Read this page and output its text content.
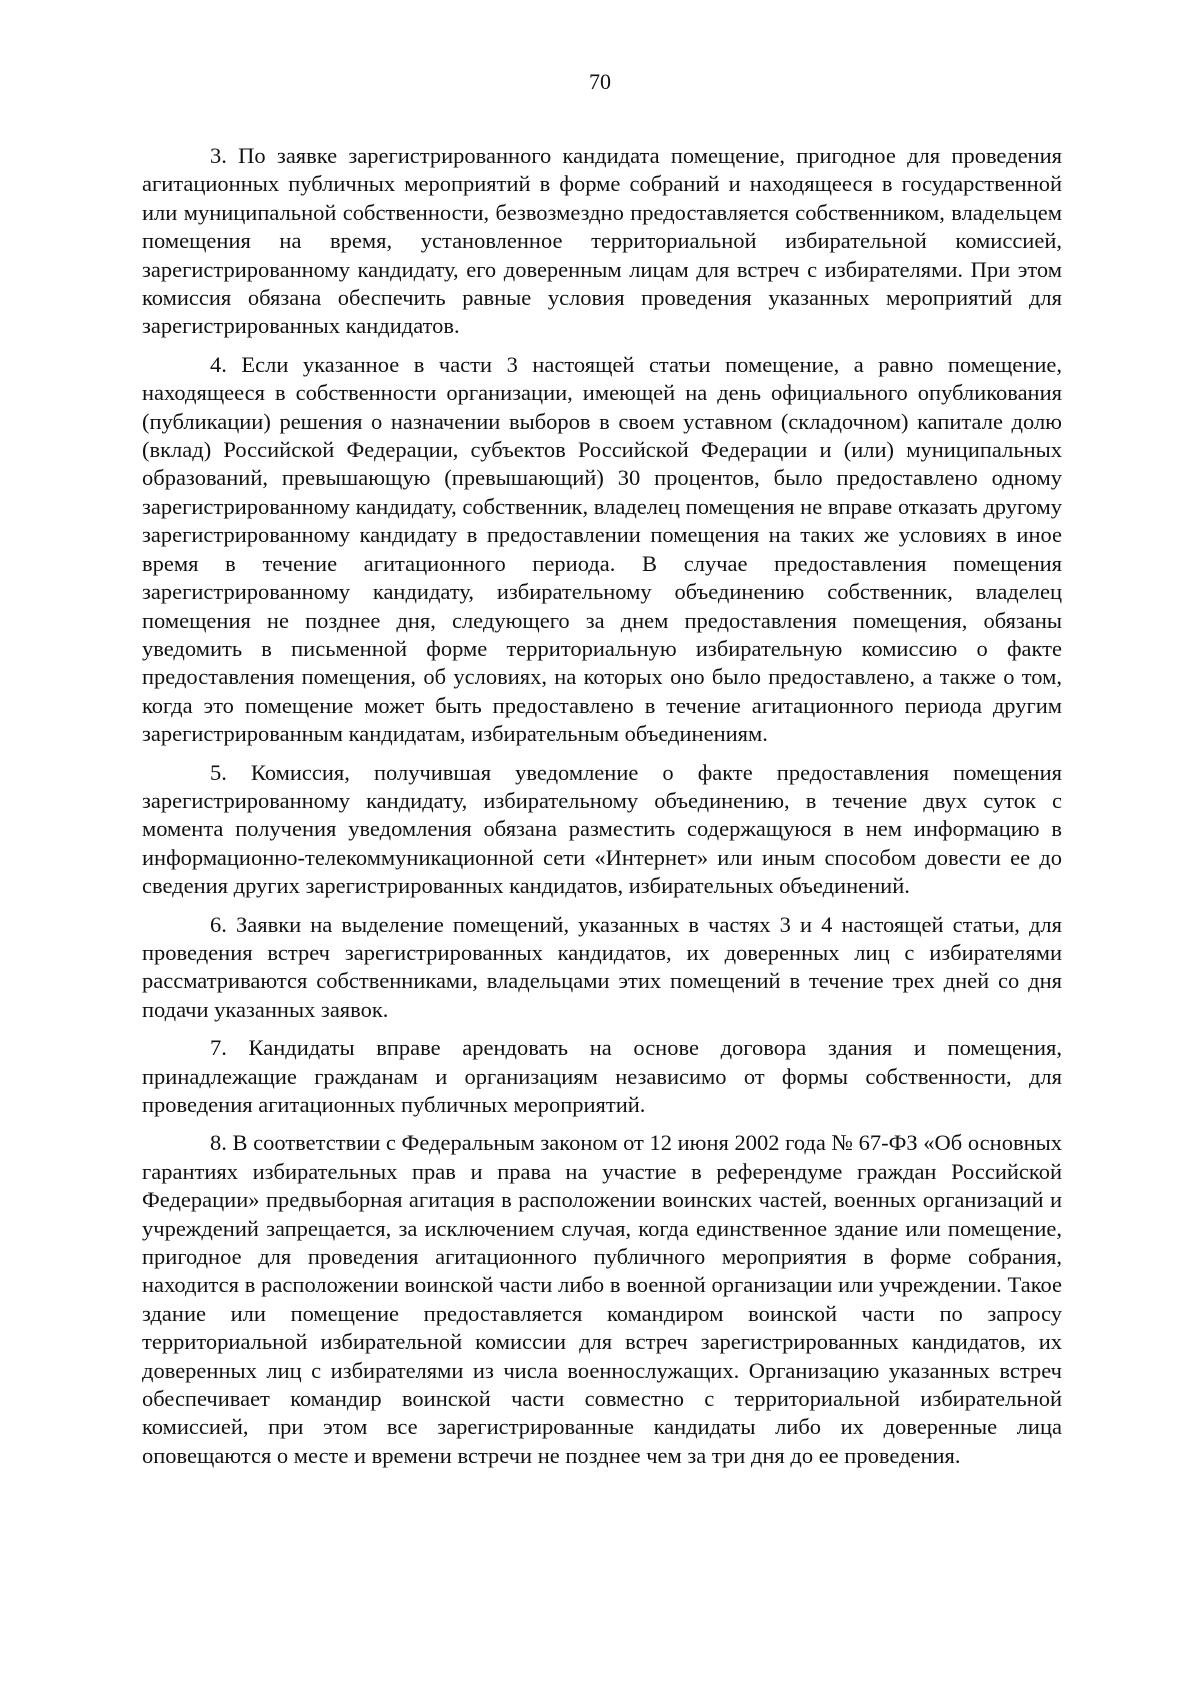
70

3. По заявке зарегистрированного кандидата помещение, пригодное для проведения агитационных публичных мероприятий в форме собраний и находящееся в государственной или муниципальной собственности, безвозмездно предоставляется собственником, владельцем помещения на время, установленное территориальной избирательной комиссией, зарегистрированному кандидату, его доверенным лицам для встреч с избирателями. При этом комиссия обязана обеспечить равные условия проведения указанных мероприятий для зарегистрированных кандидатов.

4. Если указанное в части 3 настоящей статьи помещение, а равно помещение, находящееся в собственности организации, имеющей на день официального опубликования (публикации) решения о назначении выборов в своем уставном (складочном) капитале долю (вклад) Российской Федерации, субъектов Российской Федерации и (или) муниципальных образований, превышающую (превышающий) 30 процентов, было предоставлено одному зарегистрированному кандидату, собственник, владелец помещения не вправе отказать другому зарегистрированному кандидату в предоставлении помещения на таких же условиях в иное время в течение агитационного периода. В случае предоставления помещения зарегистрированному кандидату, избирательному объединению собственник, владелец помещения не позднее дня, следующего за днем предоставления помещения, обязаны уведомить в письменной форме территориальную избирательную комиссию о факте предоставления помещения, об условиях, на которых оно было предоставлено, а также о том, когда это помещение может быть предоставлено в течение агитационного периода другим зарегистрированным кандидатам, избирательным объединениям.

5. Комиссия, получившая уведомление о факте предоставления помещения зарегистрированному кандидату, избирательному объединению, в течение двух суток с момента получения уведомления обязана разместить содержащуюся в нем информацию в информационно-телекоммуникационной сети «Интернет» или иным способом довести ее до сведения других зарегистрированных кандидатов, избирательных объединений.

6. Заявки на выделение помещений, указанных в частях 3 и 4 настоящей статьи, для проведения встреч зарегистрированных кандидатов, их доверенных лиц с избирателями рассматриваются собственниками, владельцами этих помещений в течение трех дней со дня подачи указанных заявок.

7. Кандидаты вправе арендовать на основе договора здания и помещения, принадлежащие гражданам и организациям независимо от формы собственности, для проведения агитационных публичных мероприятий.

8. В соответствии с Федеральным законом от 12 июня 2002 года № 67-ФЗ «Об основных гарантиях избирательных прав и права на участие в референдуме граждан Российской Федерации» предвыборная агитация в расположении воинских частей, военных организаций и учреждений запрещается, за исключением случая, когда единственное здание или помещение, пригодное для проведения агитационного публичного мероприятия в форме собрания, находится в расположении воинской части либо в военной организации или учреждении. Такое здание или помещение предоставляется командиром воинской части по запросу территориальной избирательной комиссии для встреч зарегистрированных кандидатов, их доверенных лиц с избирателями из числа военнослужащих. Организацию указанных встреч обеспечивает командир воинской части совместно с территориальной избирательной комиссией, при этом все зарегистрированные кандидаты либо их доверенные лица оповещаются о месте и времени встречи не позднее чем за три дня до ее проведения.
